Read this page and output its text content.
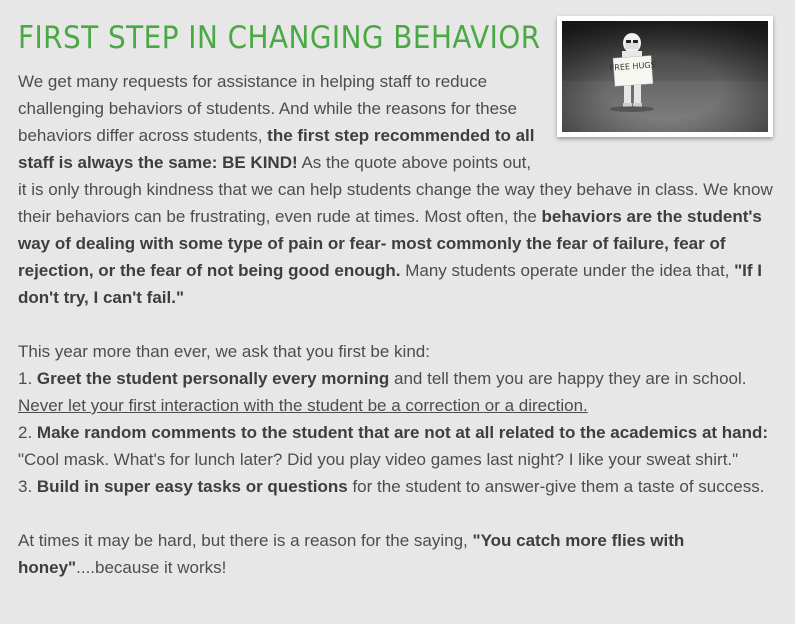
FIRST STEP IN CHANGING BEHAVIOR
FREE HUGS

We get many requests for assistance in helping staff to reduce challenging behaviors of students. And while the reasons for these behaviors differ across students, the first step recommended to all staff is always the same: BE KIND! As the quote above points out, it is only through kindness that we can help students change the way they behave in class. We know their behaviors can be frustrating, even rude at times. Most often, the behaviors are the student's way of dealing with some type of pain or fear- most commonly the fear of failure, fear of rejection, or the fear of not being good enough. Many students operate under the idea that, "If I don't try, I can't fail."

This year more than ever, we ask that you first be kind:

1. Greet the student personally every morning and tell them you are happy they are in school.
Never let your first interaction with the student be a correction or a direction.

2. Make random comments to the student that are not at all related to the academics at hand: "Cool mask. What's for lunch later? Did you play video games last night? I like your sweat shirt."

3. Build in super easy tasks or questions for the student to answer-give them a taste of success.

At times it may be hard, but there is a reason for the saying, "You catch more flies with honey"....because it works!
